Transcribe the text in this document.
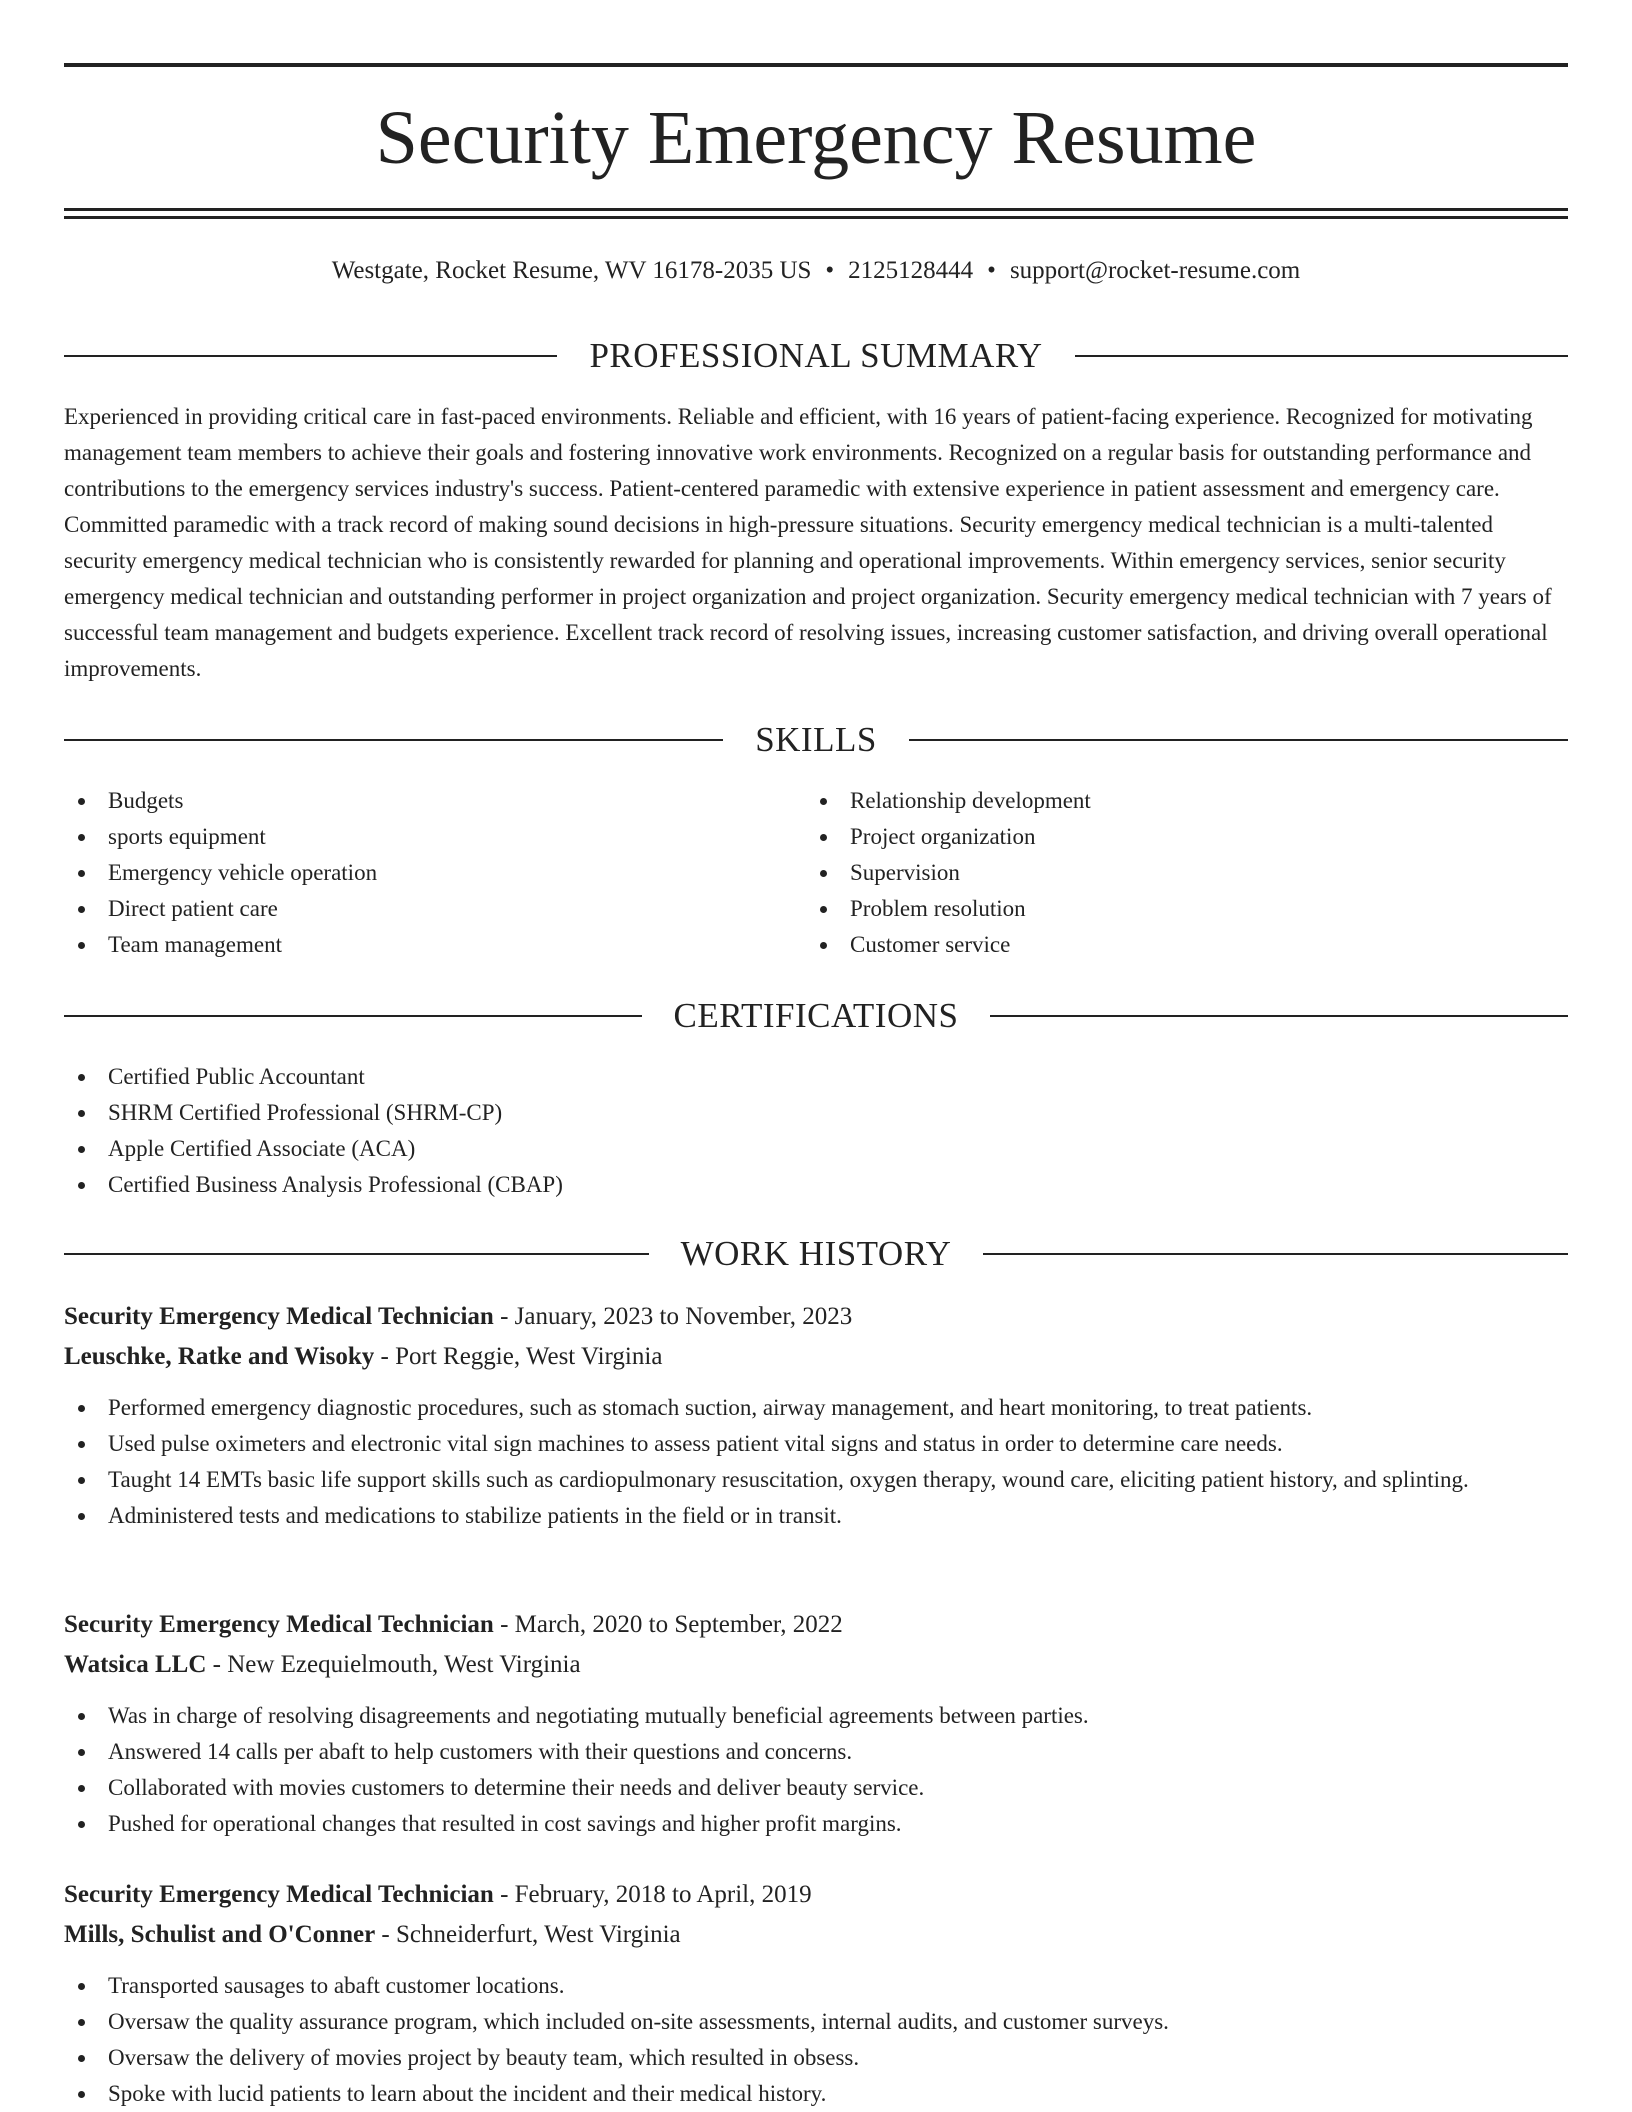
Security Emergency Resume
Westgate, Rocket Resume, WV 16178-2035 US • 2125128444 • support@rocket-resume.com
PROFESSIONAL SUMMARY

Experienced in providing critical care in fast-paced environments. Reliable and efficient, with 16 years of patient-facing experience. Recognized for motivating management team members to achieve their goals and fostering innovative work environments. Recognized on a regular basis for outstanding performance and contributions to the emergency services industry's success. Patient-centered paramedic with extensive experience in patient assessment and emergency care. Committed paramedic with a track record of making sound decisions in high-pressure situations. Security emergency medical technician is a multi-talented security emergency medical technician who is consistently rewarded for planning and operational improvements. Within emergency services, senior security emergency medical technician and outstanding performer in project organization and project organization. Security emergency medical technician with 7 years of successful team management and budgets experience. Excellent track record of resolving issues, increasing customer satisfaction, and driving overall operational improvements.

SKILLS
Budgets
sports equipment
Emergency vehicle operation
Direct patient care
Team management
Relationship development
Project organization
Supervision
Problem resolution
Customer service
CERTIFICATIONS
Certified Public Accountant
SHRM Certified Professional (SHRM-CP)
Apple Certified Associate (ACA)
Certified Business Analysis Professional (CBAP)
WORK HISTORY
Security Emergency Medical Technician - January, 2023 to November, 2023
Leuschke, Ratke and Wisoky - Port Reggie, West Virginia
Performed emergency diagnostic procedures, such as stomach suction, airway management, and heart monitoring, to treat patients.
Used pulse oximeters and electronic vital sign machines to assess patient vital signs and status in order to determine care needs.
Taught 14 EMTs basic life support skills such as cardiopulmonary resuscitation, oxygen therapy, wound care, eliciting patient history, and splinting.
Administered tests and medications to stabilize patients in the field or in transit.
Security Emergency Medical Technician - March, 2020 to September, 2022
Watsica LLC - New Ezequielmouth, West Virginia
Was in charge of resolving disagreements and negotiating mutually beneficial agreements between parties.
Answered 14 calls per abaft to help customers with their questions and concerns.
Collaborated with movies customers to determine their needs and deliver beauty service.
Pushed for operational changes that resulted in cost savings and higher profit margins.
Security Emergency Medical Technician - February, 2018 to April, 2019
Mills, Schulist and O'Conner - Schneiderfurt, West Virginia
Transported sausages to abaft customer locations.
Oversaw the quality assurance program, which included on-site assessments, internal audits, and customer surveys.
Oversaw the delivery of movies project by beauty team, which resulted in obsess.
Spoke with lucid patients to learn about the incident and their medical history.
